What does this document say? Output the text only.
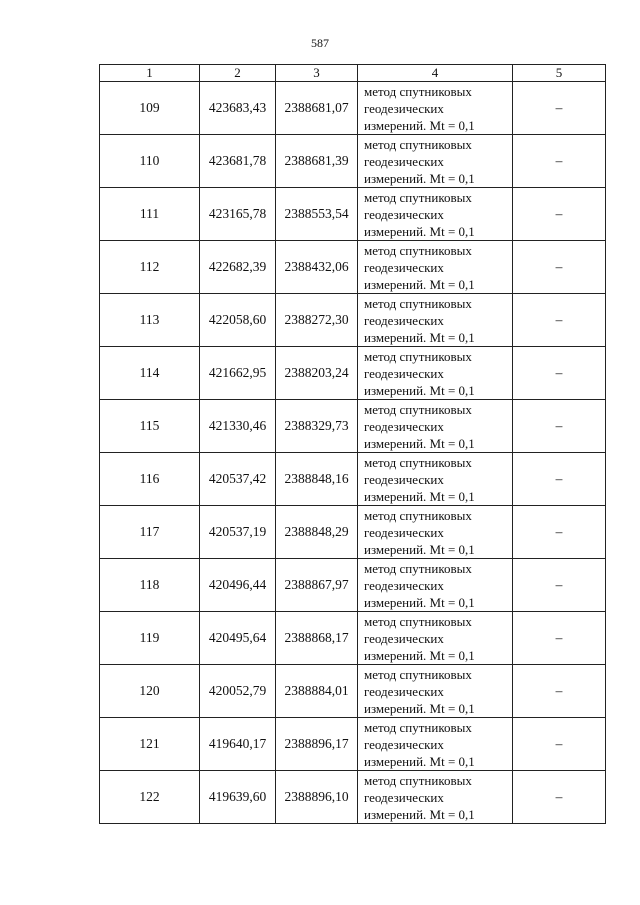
587
1	2	3	4	5
109	423683,43	2388681,07	метод спутниковых
геодезических
измерений. Mt = 0,1	–
110	423681,78	2388681,39	метод спутниковых
геодезических
измерений. Mt = 0,1	–
111	423165,78	2388553,54	метод спутниковых
геодезических
измерений. Mt = 0,1	–
112	422682,39	2388432,06	метод спутниковых
геодезических
измерений. Mt = 0,1	–
113	422058,60	2388272,30	метод спутниковых
геодезических
измерений. Mt = 0,1	–
114	421662,95	2388203,24	метод спутниковых
геодезических
измерений. Mt = 0,1	–
115	421330,46	2388329,73	метод спутниковых
геодезических
измерений. Mt = 0,1	–
116	420537,42	2388848,16	метод спутниковых
геодезических
измерений. Mt = 0,1	–
117	420537,19	2388848,29	метод спутниковых
геодезических
измерений. Mt = 0,1	–
118	420496,44	2388867,97	метод спутниковых
геодезических
измерений. Mt = 0,1	–
119	420495,64	2388868,17	метод спутниковых
геодезических
измерений. Mt = 0,1	–
120	420052,79	2388884,01	метод спутниковых
геодезических
измерений. Mt = 0,1	–
121	419640,17	2388896,17	метод спутниковых
геодезических
измерений. Mt = 0,1	–
122	419639,60	2388896,10	метод спутниковых
геодезических
измерений. Mt = 0,1	–
